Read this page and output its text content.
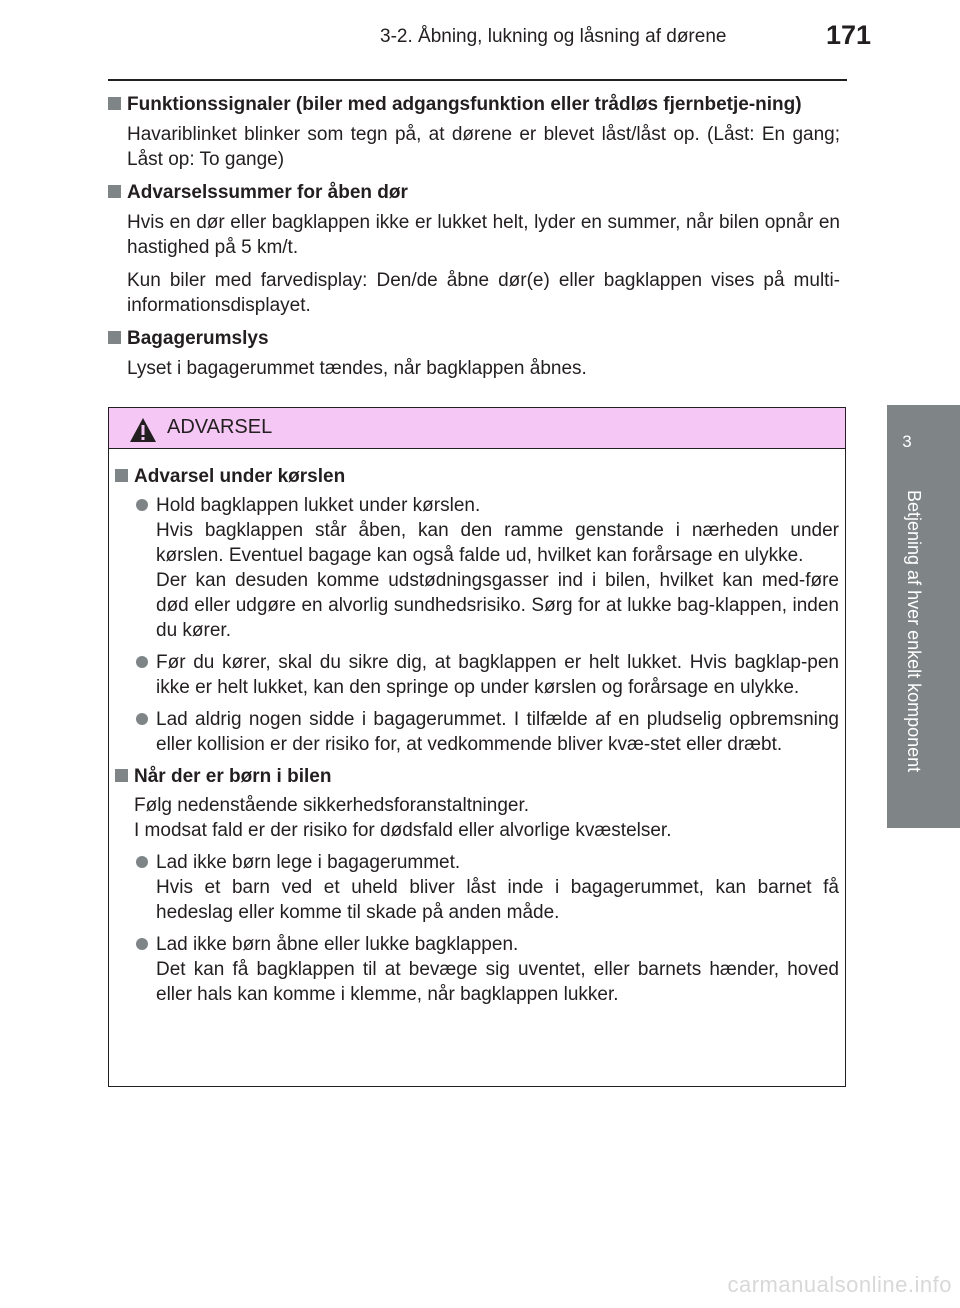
3-2. Åbning, lukning og låsning af dørene	171
3
Betjening af hver enkelt komponent
Funktionssignaler (biler med adgangsfunktion eller trådløs fjernbetje-ning)
Havariblinket blinker som tegn på, at dørene er blevet låst/låst op. (Låst: En gang; Låst op: To gange)
Advarselssummer for åben dør
Hvis en dør eller bagklappen ikke er lukket helt, lyder en summer, når bilen opnår en hastighed på 5 km/t.
Kun biler med farvedisplay: Den/de åbne dør(e) eller bagklappen vises på multi-informationsdisplayet.
Bagagerumslys
Lyset i bagagerummet tændes, når bagklappen åbnes.
ADVARSEL
Advarsel under kørslen
Hold bagklappen lukket under kørslen.
Hvis bagklappen står åben, kan den ramme genstande i nærheden under kørslen. Eventuel bagage kan også falde ud, hvilket kan forårsage en ulykke.
Der kan desuden komme udstødningsgasser ind i bilen, hvilket kan med-føre død eller udgøre en alvorlig sundhedsrisiko. Sørg for at lukke bag-klappen, inden du kører.
Før du kører, skal du sikre dig, at bagklappen er helt lukket. Hvis bagklap-pen ikke er helt lukket, kan den springe op under kørslen og forårsage en ulykke.
Lad aldrig nogen sidde i bagagerummet. I tilfælde af en pludselig opbremsning eller kollision er der risiko for, at vedkommende bliver kvæ-stet eller dræbt.
Når der er børn i bilen
Følg nedenstående sikkerhedsforanstaltninger.
I modsat fald er der risiko for dødsfald eller alvorlige kvæstelser.
Lad ikke børn lege i bagagerummet.
Hvis et barn ved et uheld bliver låst inde i bagagerummet, kan barnet få hedeslag eller komme til skade på anden måde.
Lad ikke børn åbne eller lukke bagklappen.
Det kan få bagklappen til at bevæge sig uventet, eller barnets hænder, hoved eller hals kan komme i klemme, når bagklappen lukker.
carmanualsonline.info
